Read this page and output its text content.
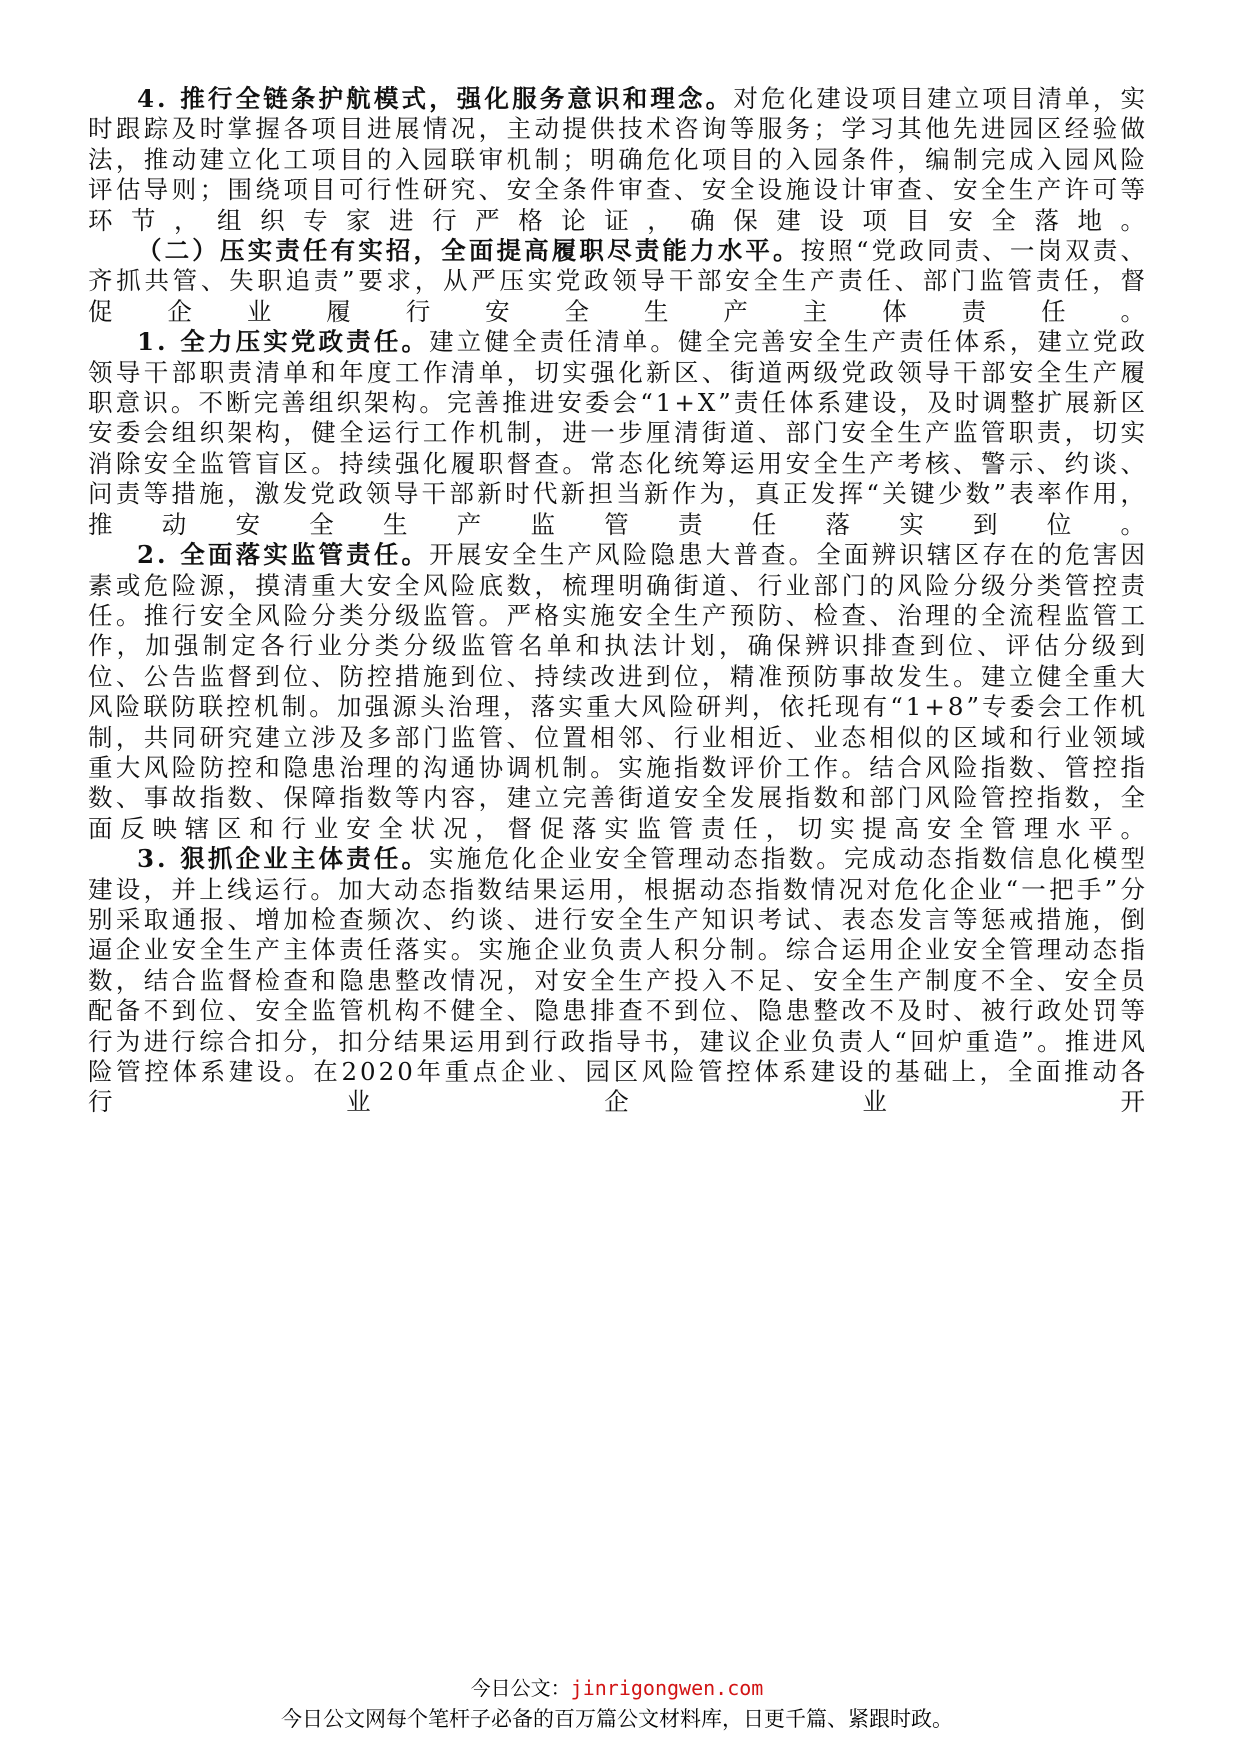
4. 推行全链条护航模式，强化服务意识和理念。对危化建设项目建立项目清单，实时跟踪及时掌握各项目进展情况，主动提供技术咨询等服务；学习其他先进园区经验做法，推动建立化工项目的入园联审机制；明确危化项目的入园条件，编制完成入园风险评估导则；围绕项目可行性研究、安全条件审查、安全设施设计审查、安全生产许可等环节，组织专家进行严格论证，确保建设项目安全落地。

（二）压实责任有实招，全面提高履职尽责能力水平。按照“党政同责、一岗双责、齐抓共管、失职追责”要求，从严压实党政领导干部安全生产责任、部门监管责任，督促企业履行安全生产主体责任。

1. 全力压实党政责任。建立健全责任清单。健全完善安全生产责任体系，建立党政领导干部职责清单和年度工作清单，切实强化新区、街道两级党政领导干部安全生产履职意识。不断完善组织架构。完善推进安委会“1+X”责任体系建设，及时调整扩展新区安委会组织架构，健全运行工作机制，进一步厘清街道、部门安全生产监管职责，切实消除安全监管盲区。持续强化履职督查。常态化统筹运用安全生产考核、警示、约谈、问责等措施，激发党政领导干部新时代新担当新作为，真正发挥“关键少数”表率作用，推动安全生产监管责任落实到位。

2. 全面落实监管责任。开展安全生产风险隐患大普查。全面辨识辖区存在的危害因素或危险源，摸清重大安全风险底数，梳理明确街道、行业部门的风险分级分类管控责任。推行安全风险分类分级监管。严格实施安全生产预防、检查、治理的全流程监管工作，加强制定各行业分类分级监管名单和执法计划，确保辨识排查到位、评估分级到位、公告监督到位、防控措施到位、持续改进到位，精准预防事故发生。建立健全重大风险联防联控机制。加强源头治理，落实重大风险研判，依托现有“1+8”专委会工作机制，共同研究建立涉及多部门监管、位置相邻、行业相近、业态相似的区域和行业领域重大风险防控和隐患治理的沟通协调机制。实施指数评价工作。结合风险指数、管控指数、事故指数、保障指数等内容，建立完善街道安全发展指数和部门风险管控指数，全面反映辖区和行业安全状况，督促落实监管责任，切实提高安全管理水平。

3. 狠抓企业主体责任。实施危化企业安全管理动态指数。完成动态指数信息化模型建设，并上线运行。加大动态指数结果运用，根据动态指数情况对危化企业“一把手”分别采取通报、增加检查频次、约谈、进行安全生产知识考试、表态发言等惩戒措施，倒逼企业安全生产主体责任落实。实施企业负责人积分制。综合运用企业安全管理动态指数，结合监督检查和隐患整改情况，对安全生产投入不足、安全生产制度不全、安全员配备不到位、安全监管机构不健全、隐患排查不到位、隐患整改不及时、被行政处罚等行为进行综合扣分，扣分结果运用到行政指导书，建议企业负责人“回炉重造”。推进风险管控体系建设。在2020年重点企业、园区风险管控体系建设的基础上，全面推动各行业企业开

今日公文：jinrigongwen.com
今日公文网每个笔杆子必备的百万篇公文材料库，日更千篇、紧跟时政。
